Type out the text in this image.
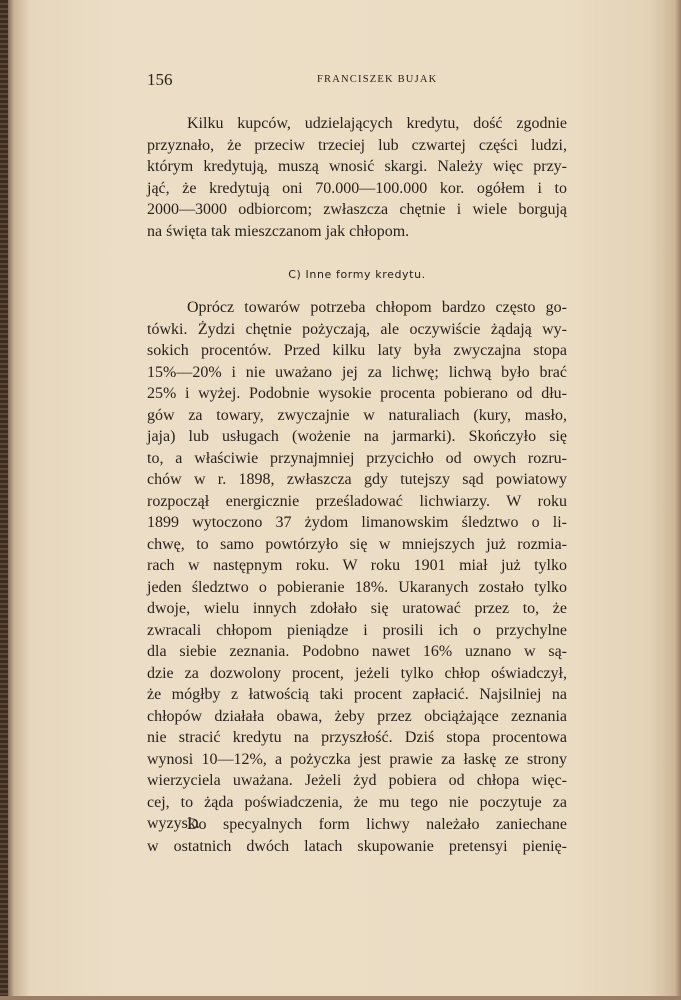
156	FRANCISZEK BUJAK
Kilku kupców, udzielających kredytu, dość zgodnie
przyznało, że przeciw trzeciej lub czwartej części ludzi,
którym kredytują, muszą wnosić skargi. Należy więc przy-
jąć, że kredytują oni 70.000—100.000 kor. ogółem i to
2000—3000 odbiorcom; zwłaszcza chętnie i wiele borgują
na święta tak mieszczanom jak chłopom.
C) Inne formy kredytu.
Oprócz towarów potrzeba chłopom bardzo często go-
tówki. Żydzi chętnie pożyczają, ale oczywiście żądają wy-
sokich procentów. Przed kilku laty była zwyczajna stopa
15%—20% i nie uważano jej za lichwę; lichwą było brać
25% i wyżej. Podobnie wysokie procenta pobierano od dłu-
gów za towary, zwyczajnie w naturaliach (kury, masło,
jaja) lub usługach (wożenie na jarmarki). Skończyło się
to, a właściwie przynajmniej przycichło od owych rozru-
chów w r. 1898, zwłaszcza gdy tutejszy sąd powiatowy
rozpoczął energicznie prześladować lichwiarzy. W roku
1899 wytoczono 37 żydom limanowskim śledztwo o li-
chwę, to samo powtórzyło się w mniejszych już rozmia-
rach w następnym roku. W roku 1901 miał już tylko
jeden śledztwo o pobieranie 18%. Ukaranych zostało tylko
dwoje, wielu innych zdołało się uratować przez to, że
zwracali chłopom pieniądze i prosili ich o przychylne
dla siebie zeznania. Podobno nawet 16% uznano w są-
dzie za dozwolony procent, jeżeli tylko chłop oświadczył,
że mógłby z łatwością taki procent zapłacić. Najsilniej na
chłopów działała obawa, żeby przez obciążające zeznania
nie stracić kredytu na przyszłość. Dziś stopa procentowa
wynosi 10—12%, a pożyczka jest prawie za łaskę ze strony
wierzyciela uważana. Jeżeli żyd pobiera od chłopa więc-
cej, to żąda poświadczenia, że mu tego nie poczytuje za
wyzysk.
Do specyalnych form lichwy należało zaniechane
w ostatnich dwóch latach skupowanie pretensyi pienię-
